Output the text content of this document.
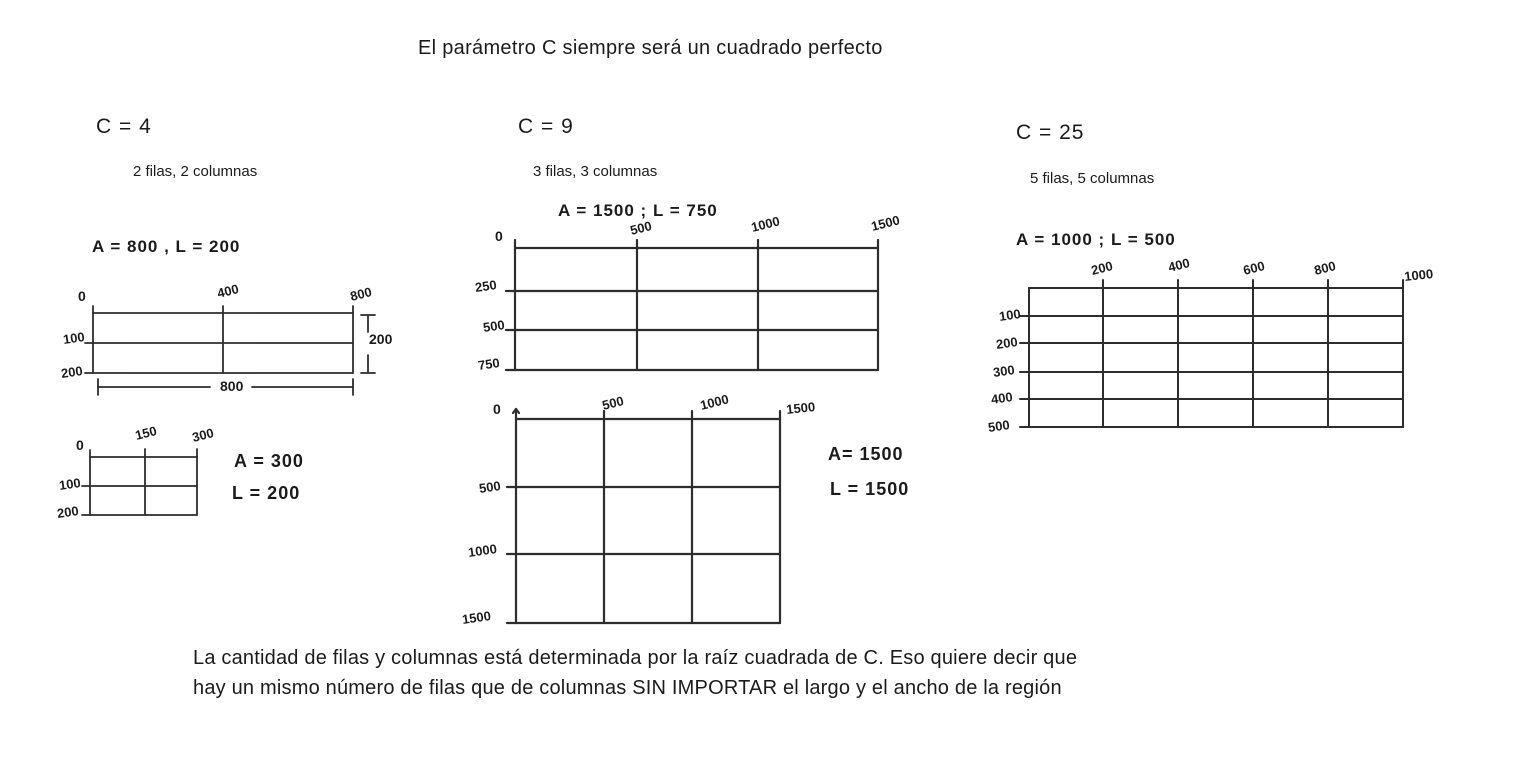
El parámetro C siempre será un cuadrado perfecto
C = 4
2 filas, 2 columnas
A = 800 , L = 200
0	400	800
100
200
200
800
0
150 300
100
200
A = 300
L = 200
C = 9
3 filas, 3 columnas
A = 1500 ; L = 750
0	500	1000	1500
250
500
750
0	500	1000	1500
500
1000
1500
A= 1500
L = 1500
C = 25
5 filas, 5 columnas
A = 1000 ; L = 500
200	400	600	800	1000
100
200
300
400
500
La cantidad de filas y columnas está determinada por la raíz cuadrada de C. Eso quiere decir que
hay un mismo número de filas que de columnas SIN IMPORTAR el largo y el ancho de la región
